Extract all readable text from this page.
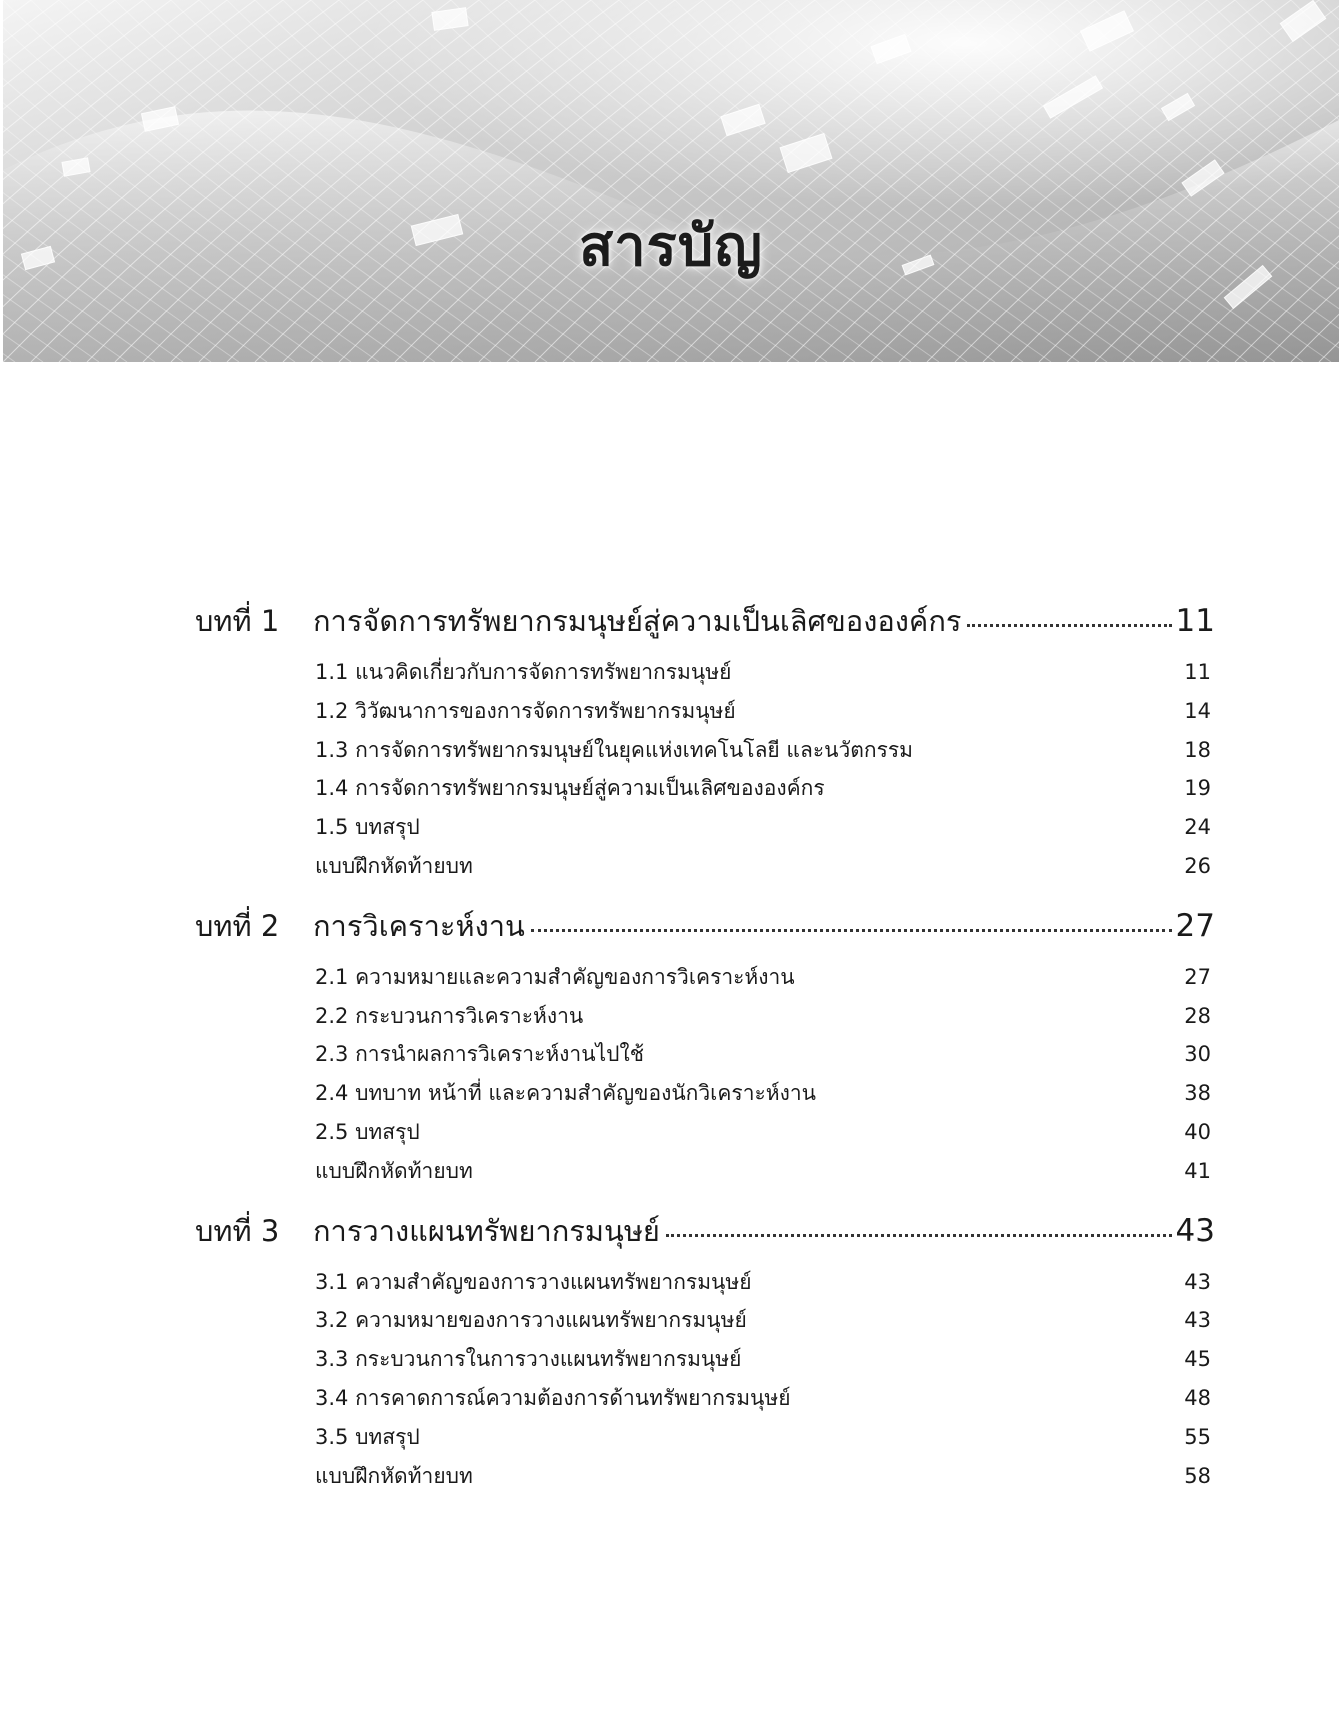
สารบัญ
บทที่ 1	การจัดการทรัพยากรมนุษย์สู่ความเป็นเลิศขององค์กร	11
1.1 แนวคิดเกี่ยวกับการจัดการทรัพยากรมนุษย์	11
1.2 วิวัฒนาการของการจัดการทรัพยากรมนุษย์	14
1.3 การจัดการทรัพยากรมนุษย์ในยุคแห่งเทคโนโลยี และนวัตกรรม	18
1.4 การจัดการทรัพยากรมนุษย์สู่ความเป็นเลิศขององค์กร	19
1.5 บทสรุป	24
แบบฝึกหัดท้ายบท	26
บทที่ 2	การวิเคราะห์งาน	27
2.1 ความหมายและความสำคัญของการวิเคราะห์งาน	27
2.2 กระบวนการวิเคราะห์งาน	28
2.3 การนำผลการวิเคราะห์งานไปใช้	30
2.4 บทบาท หน้าที่ และความสำคัญของนักวิเคราะห์งาน	38
2.5 บทสรุป	40
แบบฝึกหัดท้ายบท	41
บทที่ 3	การวางแผนทรัพยากรมนุษย์	43
3.1 ความสำคัญของการวางแผนทรัพยากรมนุษย์	43
3.2 ความหมายของการวางแผนทรัพยากรมนุษย์	43
3.3 กระบวนการในการวางแผนทรัพยากรมนุษย์	45
3.4 การคาดการณ์ความต้องการด้านทรัพยากรมนุษย์	48
3.5 บทสรุป	55
แบบฝึกหัดท้ายบท	58
